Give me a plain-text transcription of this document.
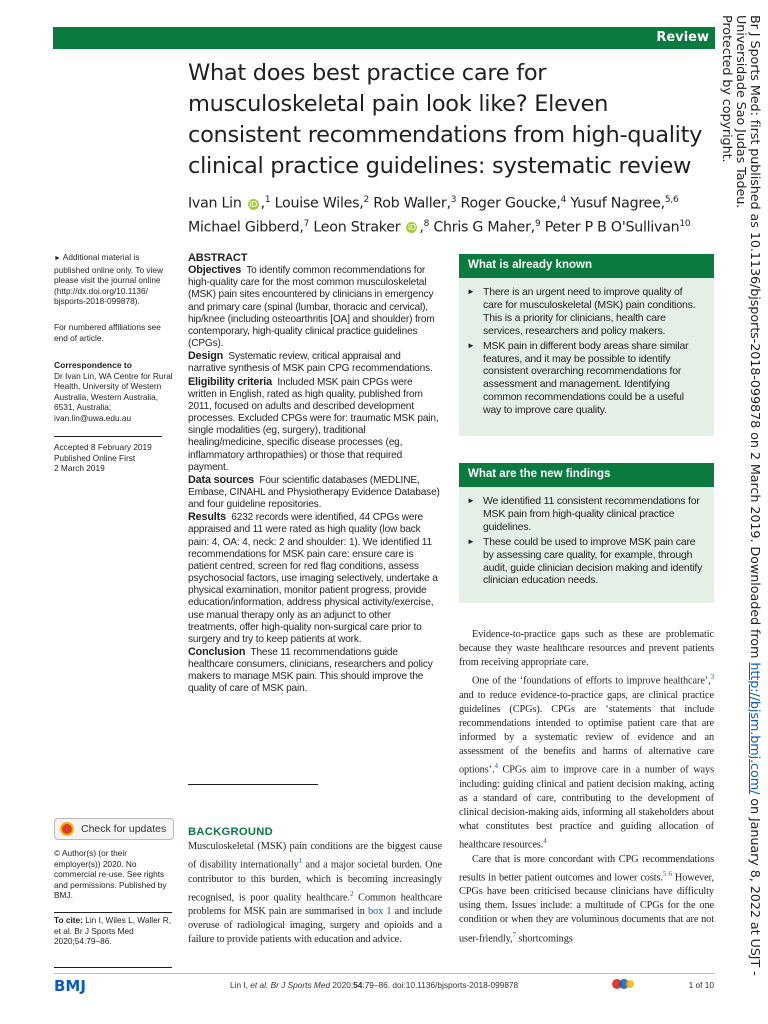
Review
What does best practice care for musculoskeletal pain look like? Eleven consistent recommendations from high-quality clinical practice guidelines: systematic review
Ivan Lin iD ,$^1$ Louise Wiles,$^2$ Rob Waller,$^3$ Roger Goucke,$^4$ Yusuf Nagree,$^{5,6}$
Michael Gibberd,$^7$ Leon Straker iD ,$^8$ Chris G Maher,$^9$ Peter P B O'Sullivan$^{10}$
► Additional material is published online only. To view please visit the journal online (http://dx.doi.org/10.1136/ bjsports-2018-099878).
For numbered affiliations see end of article.
Correspondence to
Dr Ivan Lin, WA Centre for Rural Health, University of Western Australia, Western Australia, 6531, Australia; ivan.lin@uwa.edu.au
Accepted 8 February 2019
Published Online First
2 March 2019
Check for updates
© Author(s) (or their employer(s)) 2020. No commercial re-use. See rights and permissions. Published by BMJ.
To cite: Lin I, Wiles L, Waller R, et al. Br J Sports Med 2020;54:79–86.
ABSTRACT
Objectives To identify common recommendations for high-quality care for the most common musculoskeletal (MSK) pain sites encountered by clinicians in emergency and primary care (spinal (lumbar, thoracic and cervical), hip/knee (including osteoarthritis [OA] and shoulder) from contemporary, high-quality clinical practice guidelines (CPGs).
Design Systematic review, critical appraisal and narrative synthesis of MSK pain CPG recommendations.
Eligibility criteria Included MSK pain CPGs were written in English, rated as high quality, published from 2011, focused on adults and described development processes. Excluded CPGs were for: traumatic MSK pain, single modalities (eg, surgery), traditional healing/medicine, specific disease processes (eg, inflammatory arthropathies) or those that required payment.
Data sources Four scientific databases (MEDLINE, Embase, CINAHL and Physiotherapy Evidence Database) and four guideline repositories.
Results 6232 records were identified, 44 CPGs were appraised and 11 were rated as high quality (low back pain: 4, OA: 4, neck: 2 and shoulder: 1). We identified 11 recommendations for MSK pain care: ensure care is patient centred, screen for red flag conditions, assess psychosocial factors, use imaging selectively, undertake a physical examination, monitor patient progress, provide education/information, address physical activity/exercise, use manual therapy only as an adjunct to other treatments, offer high-quality non-surgical care prior to surgery and try to keep patients at work.
Conclusion These 11 recommendations guide healthcare consumers, clinicians, researchers and policy makers to manage MSK pain. This should improve the quality of care of MSK pain.
What is already known
► There is an urgent need to improve quality of care for musculoskeletal (MSK) pain conditions. This is a priority for clinicians, health care services, researchers and policy makers.
► MSK pain in different body areas share similar features, and it may be possible to identify consistent overarching recommendations for assessment and management. Identifying common recommendations could be a useful way to improve care quality.
What are the new findings
► We identified 11 consistent recommendations for MSK pain from high-quality clinical practice guidelines.
► These could be used to improve MSK pain care by assessing care quality, for example, through audit, guide clinician decision making and identify clinician education needs.
BACKGROUND

Musculoskeletal (MSK) pain conditions are the biggest cause of disability internationally$^1$ and a major societal burden. One contributor to this burden, which is becoming increasingly recognised, is poor quality healthcare.$^2$ Common healthcare problems for MSK pain are summarised in box 1 and include overuse of radiological imaging, surgery and opioids and a failure to provide patients with education and advice.

Evidence-to-practice gaps such as these are problematic because they waste healthcare resources and prevent patients from receiving appropriate care.

One of the ‘foundations of efforts to improve healthcare’,$^3$ and to reduce evidence-to-practice gaps, are clinical practice guidelines (CPGs). CPGs are ‘statements that include recommendations intended to optimise patient care that are informed by a systematic review of evidence and an assessment of the benefits and harms of alternative care options’.$^4$ CPGs aim to improve care in a number of ways including: guiding clinical and patient decision making, acting as a standard of care, contributing to the development of clinical decision-making aids, informing all stakeholders about what constitutes best practice and guiding allocation of healthcare resources.$^4$

Care that is more concordant with CPG recommendations results in better patient outcomes and lower costs.$^{5 6}$ However, CPGs have been criticised because clinicians have difficulty using them. Issues include: a multitude of CPGs for the one condition or when they are voluminous documents that are not user-friendly,$^7$ shortcomings

BMJ	Lin I, et al. Br J Sports Med 2020;54:79–86. doi:10.1136/bjsports-2018-099878	1 of 10
Br J Sports Med: first published as 10.1136/bjsports-2018-099878 on 2 March 2019. Downloaded from http://bjsm.bmj.com/ on January 8, 2022 at USJT - Universidade Sao Judas Tadeu.
Protected by copyright.
